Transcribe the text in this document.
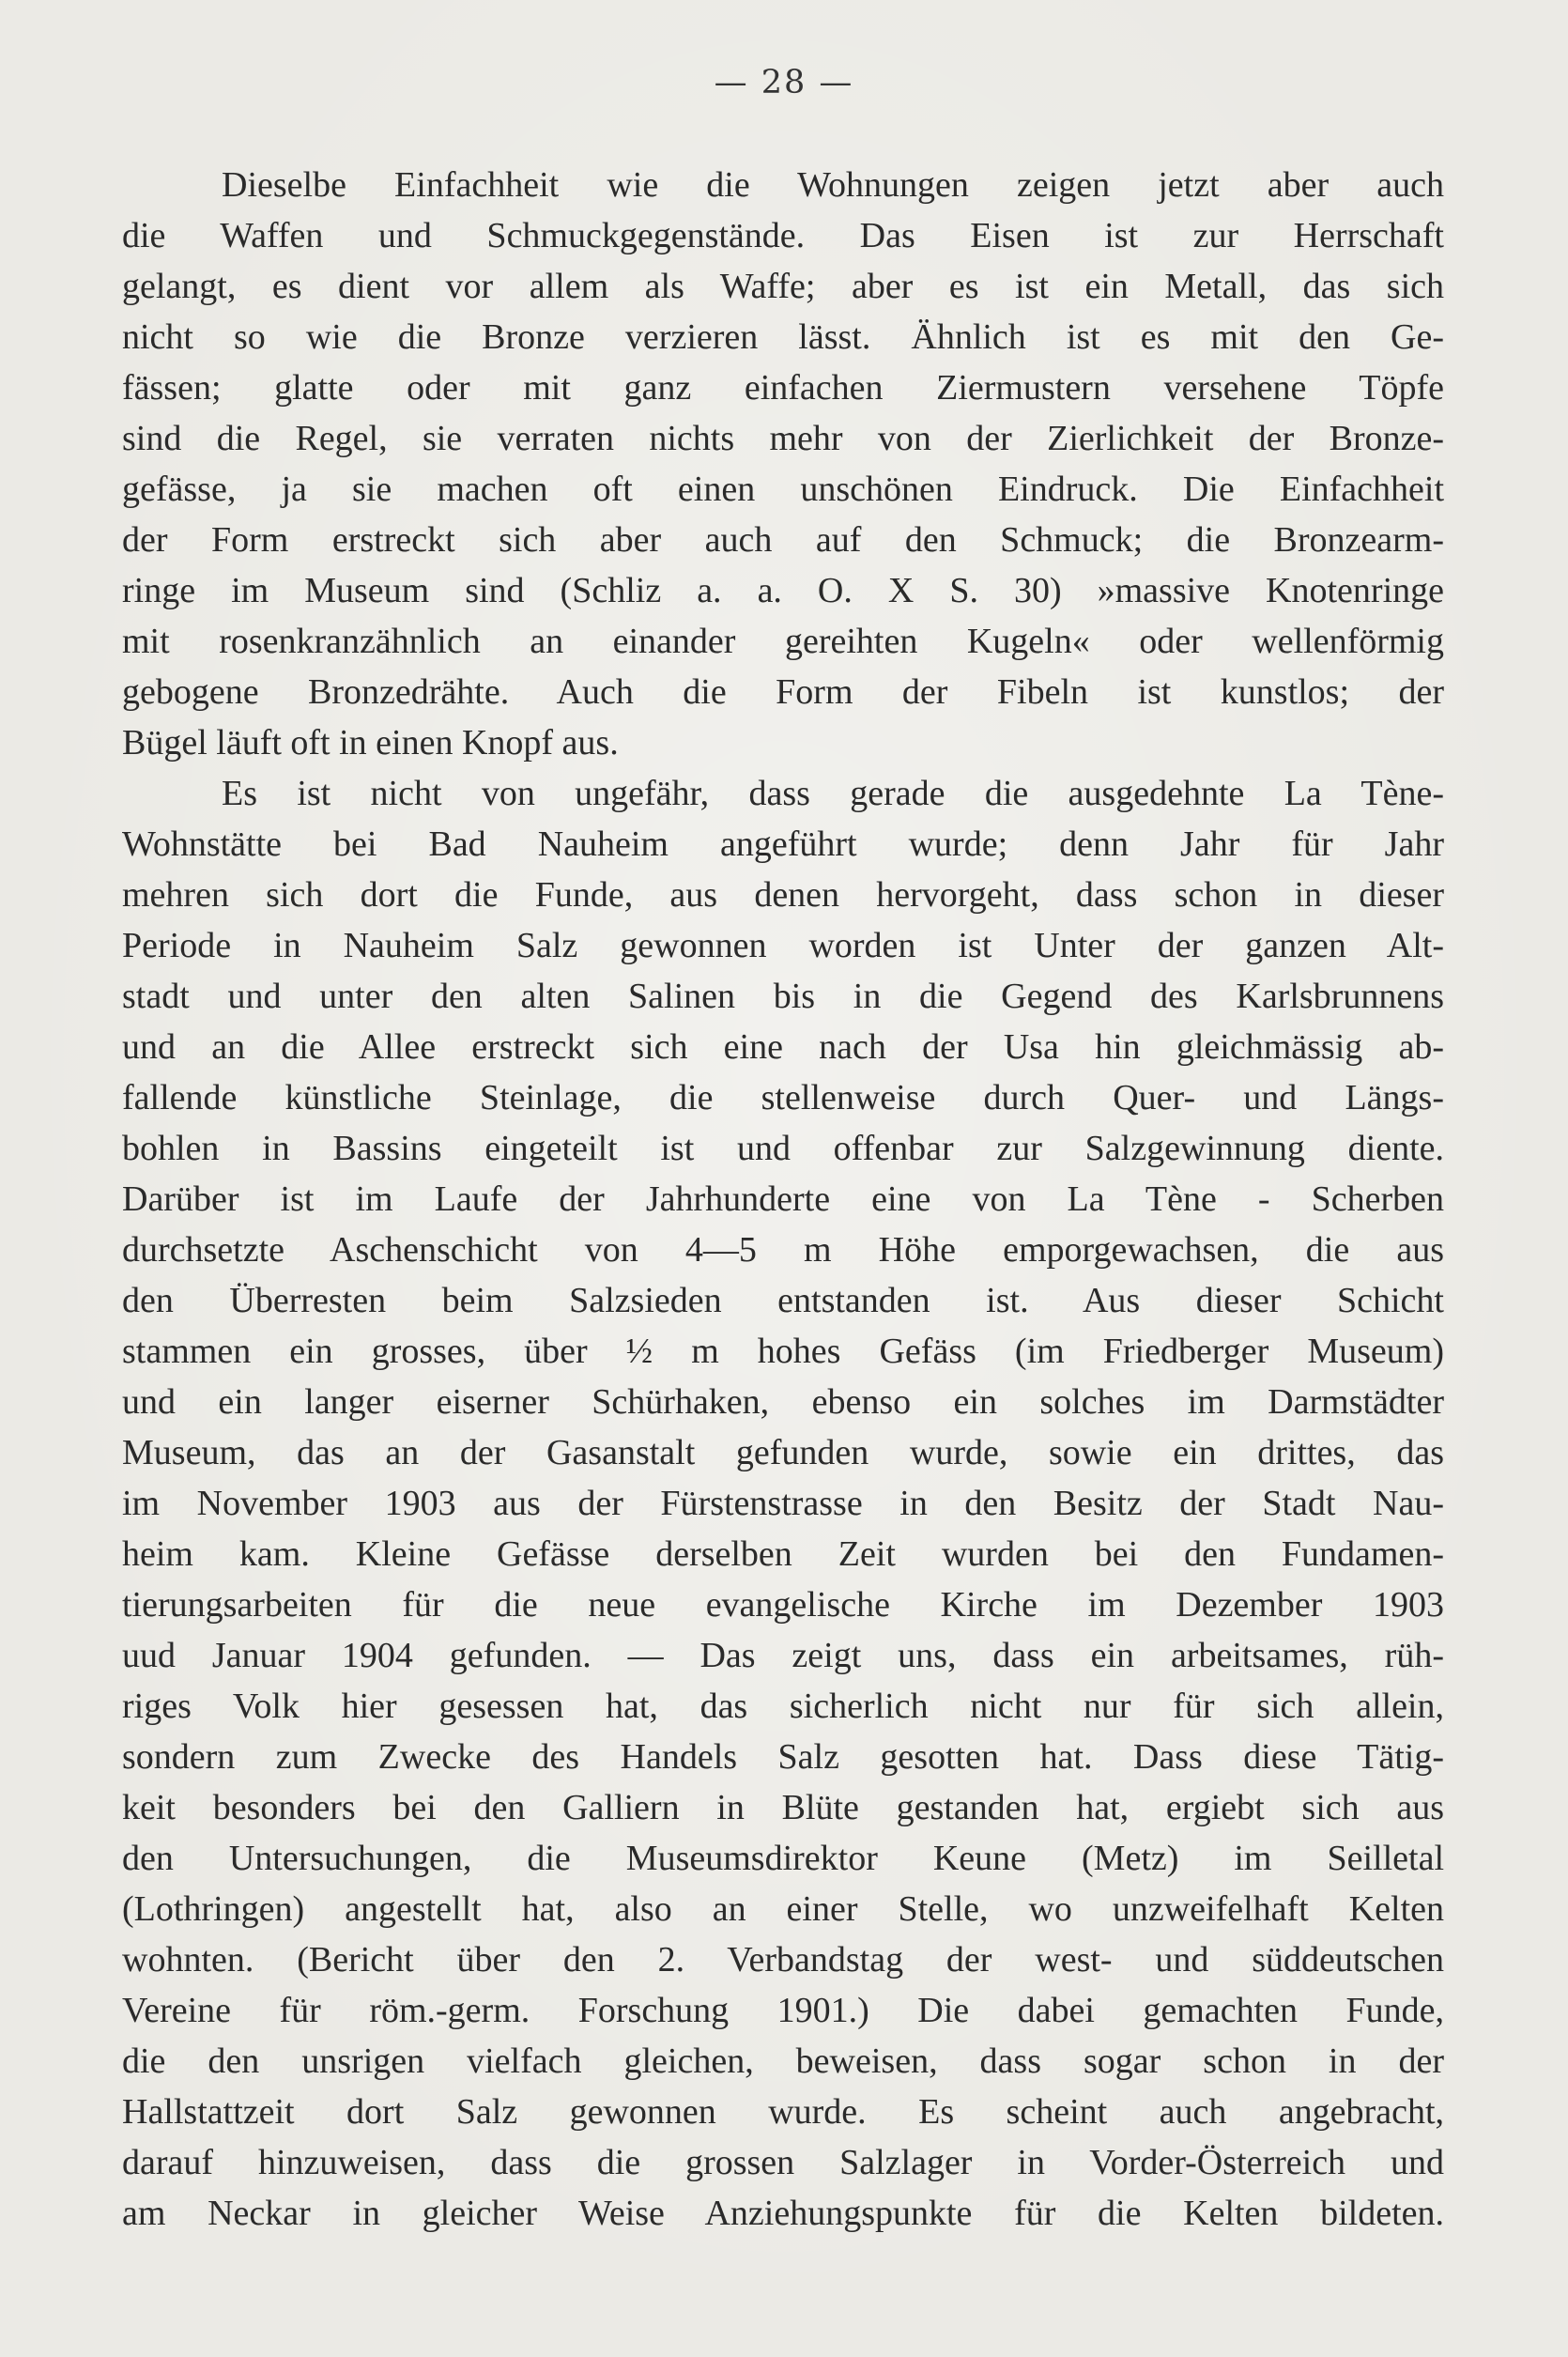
— 28 —
Dieselbe Einfachheit wie die Wohnungen zeigen jetzt aber auch
die Waffen und Schmuckgegenstände. Das Eisen ist zur Herrschaft
gelangt, es dient vor allem als Waffe; aber es ist ein Metall, das sich
nicht so wie die Bronze verzieren lässt. Ähnlich ist es mit den Ge-
fässen; glatte oder mit ganz einfachen Ziermustern versehene Töpfe
sind die Regel, sie verraten nichts mehr von der Zierlichkeit der Bronze-
gefässe, ja sie machen oft einen unschönen Eindruck. Die Einfachheit
der Form erstreckt sich aber auch auf den Schmuck; die Bronzearm-
ringe im Museum sind (Schliz a. a. O. X S. 30) »massive Knotenringe
mit rosenkranzähnlich an einander gereihten Kugeln« oder wellenförmig
gebogene Bronzedrähte. Auch die Form der Fibeln ist kunstlos; der
Bügel läuft oft in einen Knopf aus.
Es ist nicht von ungefähr, dass gerade die ausgedehnte La Tène-
Wohnstätte bei Bad Nauheim angeführt wurde; denn Jahr für Jahr
mehren sich dort die Funde, aus denen hervorgeht, dass schon in dieser
Periode in Nauheim Salz gewonnen worden ist Unter der ganzen Alt-
stadt und unter den alten Salinen bis in die Gegend des Karlsbrunnens
und an die Allee erstreckt sich eine nach der Usa hin gleichmässig ab-
fallende künstliche Steinlage, die stellenweise durch Quer- und Längs-
bohlen in Bassins eingeteilt ist und offenbar zur Salzgewinnung diente.
Darüber ist im Laufe der Jahrhunderte eine von La Tène - Scherben
durchsetzte Aschenschicht von 4—5 m Höhe emporgewachsen, die aus
den Überresten beim Salzsieden entstanden ist. Aus dieser Schicht
stammen ein grosses, über ½ m hohes Gefäss (im Friedberger Museum)
und ein langer eiserner Schürhaken, ebenso ein solches im Darmstädter
Museum, das an der Gasanstalt gefunden wurde, sowie ein drittes, das
im November 1903 aus der Fürstenstrasse in den Besitz der Stadt Nau-
heim kam. Kleine Gefässe derselben Zeit wurden bei den Fundamen-
tierungsarbeiten für die neue evangelische Kirche im Dezember 1903
uud Januar 1904 gefunden. — Das zeigt uns, dass ein arbeitsames, rüh-
riges Volk hier gesessen hat, das sicherlich nicht nur für sich allein,
sondern zum Zwecke des Handels Salz gesotten hat. Dass diese Tätig-
keit besonders bei den Galliern in Blüte gestanden hat, ergiebt sich aus
den Untersuchungen, die Museumsdirektor Keune (Metz) im Seilletal
(Lothringen) angestellt hat, also an einer Stelle, wo unzweifelhaft Kelten
wohnten. (Bericht über den 2. Verbandstag der west- und süddeutschen
Vereine für röm.-germ. Forschung 1901.) Die dabei gemachten Funde,
die den unsrigen vielfach gleichen, beweisen, dass sogar schon in der
Hallstattzeit dort Salz gewonnen wurde. Es scheint auch angebracht,
darauf hinzuweisen, dass die grossen Salzlager in Vorder-Österreich und
am Neckar in gleicher Weise Anziehungspunkte für die Kelten bildeten.
